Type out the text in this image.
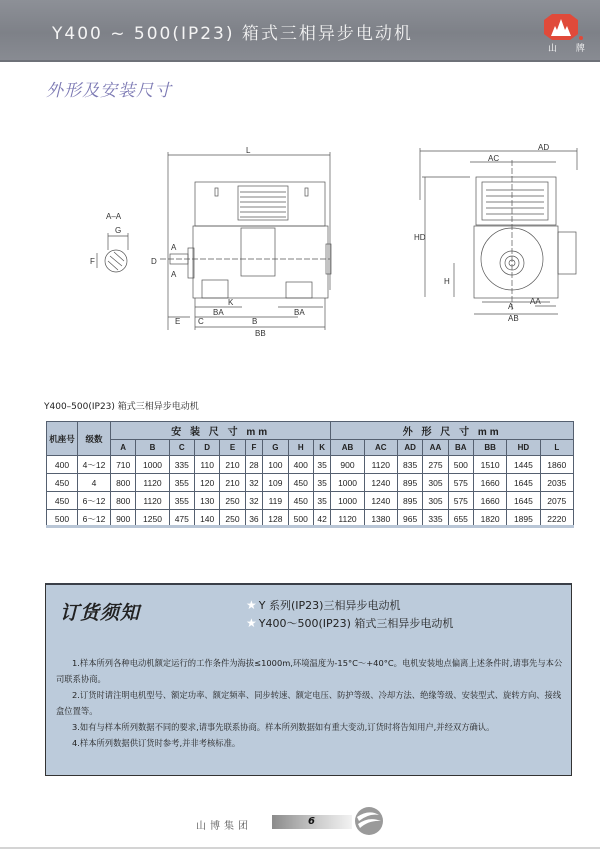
Y400 ~ 500(IP23) 箱式三相异步电动机
山 牌
外形及安装尺寸
A–A
G
F	D
A
A
L
K
BA	BA
E C	B
BB
AC
AD
HD
H
A
AA
AB
Y400–500(IP23) 箱式三相异步电动机
机座号	级数	安 装 尺 寸 mm									外 形 尺 寸 mm							
		A	B	C	D	E	F	G	H	K	AB	AC	AD	AA	BA	BB	HD	L
400	4～12	710	1000	335	110	210	28	100	400	35	900	1120	835	275	500	1510	1445	1860
450	4	800	1120	355	120	210	32	109	450	35	1000	1240	895	305	575	1660	1645	2035
450	6～12	800	1120	355	130	250	32	119	450	35	1000	1240	895	305	575	1660	1645	2075
500	6～12	900	1250	475	140	250	36	128	500	42	1120	1380	965	335	655	1820	1895	2220
订货须知	★ Y 系列(IP23)三相异步电动机
★ Y400～500(IP23) 箱式三相异步电动机

1.样本所列各种电动机额定运行的工作条件为海拔≤1000m,环境温度为-15°C～+40°C。电机安装地点偏离上述条件时,请事先与本公司联系协商。

2.订货时请注明电机型号、额定功率、额定频率、同步转速、额定电压、防护等级、冷却方法、绝缘等级、安装型式、旋转方向、接线盒位置等。

3.如有与样本所列数据不同的要求,请事先联系协商。样本所列数据如有重大变动,订货时将告知用户,并经双方确认。

4.样本所列数据供订货时参考,并非考核标准。

山博集团	6
